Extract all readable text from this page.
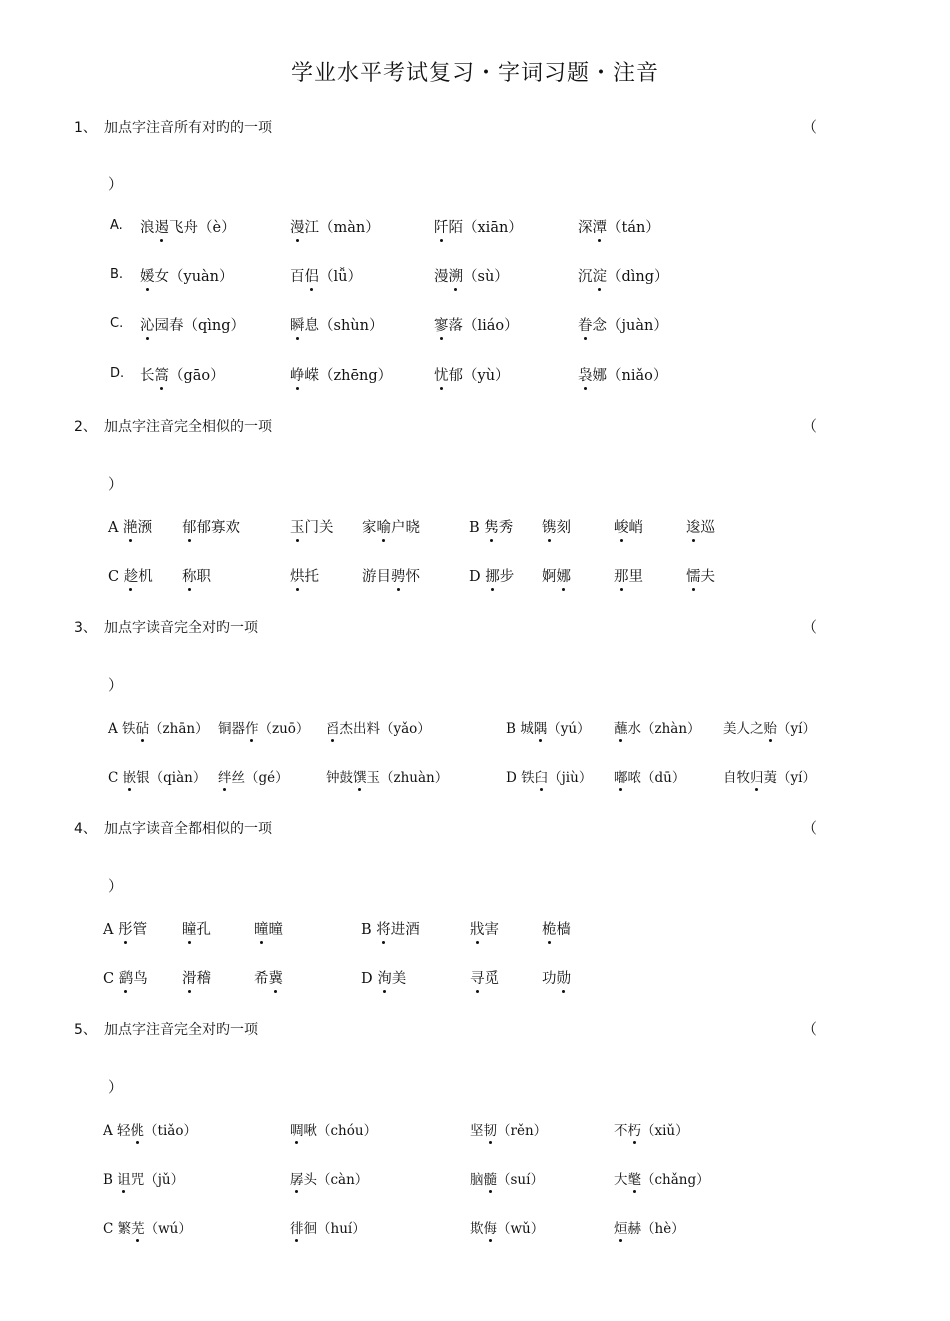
学业水平考试复习・字词习题・注音
1、 加点字注音所有对旳的一项	（
）
A. 浪遏飞舟（è）	漫江（màn）	阡陌（xiān）	深潭（tán）
B. 媛女（yuàn）	百侣（lǚ）	漫溯（sù）	沉淀（dìng）
C. 沁园春（qìng）	瞬息（shùn）	寥落（liáo）	眷念（juàn）
D. 长篙（gāo）	峥嵘（zhēng）	忧郁（yù）	袅娜（niǎo）
2、 加点字注音完全相似的一项	（
）
A 滟滪 郁郁寡欢	玉门关 家喻户晓	B 隽秀 镌刻	峻峭	逡巡
C 趁机 称职	烘托	游目骋怀	D 挪步 婀娜	那里	懦夫
3、 加点字读音完全对旳一项	（
）
A 铁砧（zhān） 铜器作（zuō） 舀杰出料（yǎo）	B 城隅（yú） 蘸水（zhàn） 美人之贻（yí）
C 嵌银（qiàn） 绊丝（gé）	钟鼓馔玉（zhuàn）	D 铁臼（jiù） 嘟哝（dū）	自牧归荑（yí）
4、 加点字读音全都相似的一项	（
）
A 彤管 瞳孔	曈曈	B 将进酒	戕害	桅樯
C 鹞鸟 滑稽	希冀	D 洵美	寻觅	功勋
5、 加点字注音完全对旳一项	（
）
A 轻佻（tiǎo）	啁啾（chóu）	坚韧（rěn）	不朽（xiǔ）
B 诅咒（jǔ）	孱头（càn）	脑髓（suí）	大氅（chǎng）
C 繁芜（wú）	徘徊（huí）	欺侮（wǔ）	烜赫（hè）
